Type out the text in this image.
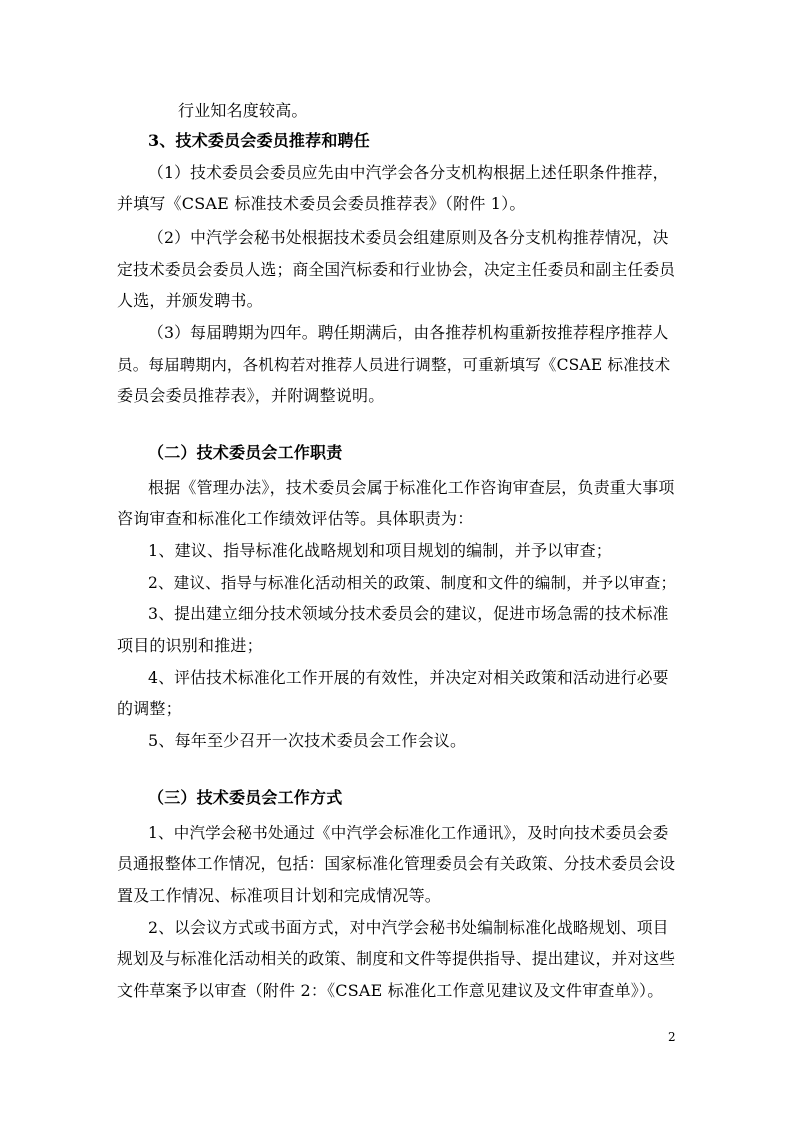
行业知名度较高。
3、技术委员会委员推荐和聘任
（1）技术委员会委员应先由中汽学会各分支机构根据上述任职条件推荐，
并填写《CSAE 标准技术委员会委员推荐表》（附件 1）。
（2）中汽学会秘书处根据技术委员会组建原则及各分支机构推荐情况，决
定技术委员会委员人选；商全国汽标委和行业协会，决定主任委员和副主任委员
人选，并颁发聘书。
（3）每届聘期为四年。聘任期满后，由各推荐机构重新按推荐程序推荐人
员。每届聘期内，各机构若对推荐人员进行调整，可重新填写《CSAE 标准技术
委员会委员推荐表》，并附调整说明。
（二）技术委员会工作职责
根据《管理办法》，技术委员会属于标准化工作咨询审查层，负责重大事项
咨询审查和标准化工作绩效评估等。具体职责为：
1、建议、指导标准化战略规划和项目规划的编制，并予以审查；
2、建议、指导与标准化活动相关的政策、制度和文件的编制，并予以审查；
3、提出建立细分技术领域分技术委员会的建议，促进市场急需的技术标准
项目的识别和推进；
4、评估技术标准化工作开展的有效性，并决定对相关政策和活动进行必要
的调整；
5、每年至少召开一次技术委员会工作会议。
（三）技术委员会工作方式
1、中汽学会秘书处通过《中汽学会标准化工作通讯》，及时向技术委员会委
员通报整体工作情况，包括：国家标准化管理委员会有关政策、分技术委员会设
置及工作情况、标准项目计划和完成情况等。
2、以会议方式或书面方式，对中汽学会秘书处编制标准化战略规划、项目
规划及与标准化活动相关的政策、制度和文件等提供指导、提出建议，并对这些
文件草案予以审查（附件 2：《CSAE 标准化工作意见建议及文件审查单》）。
2
